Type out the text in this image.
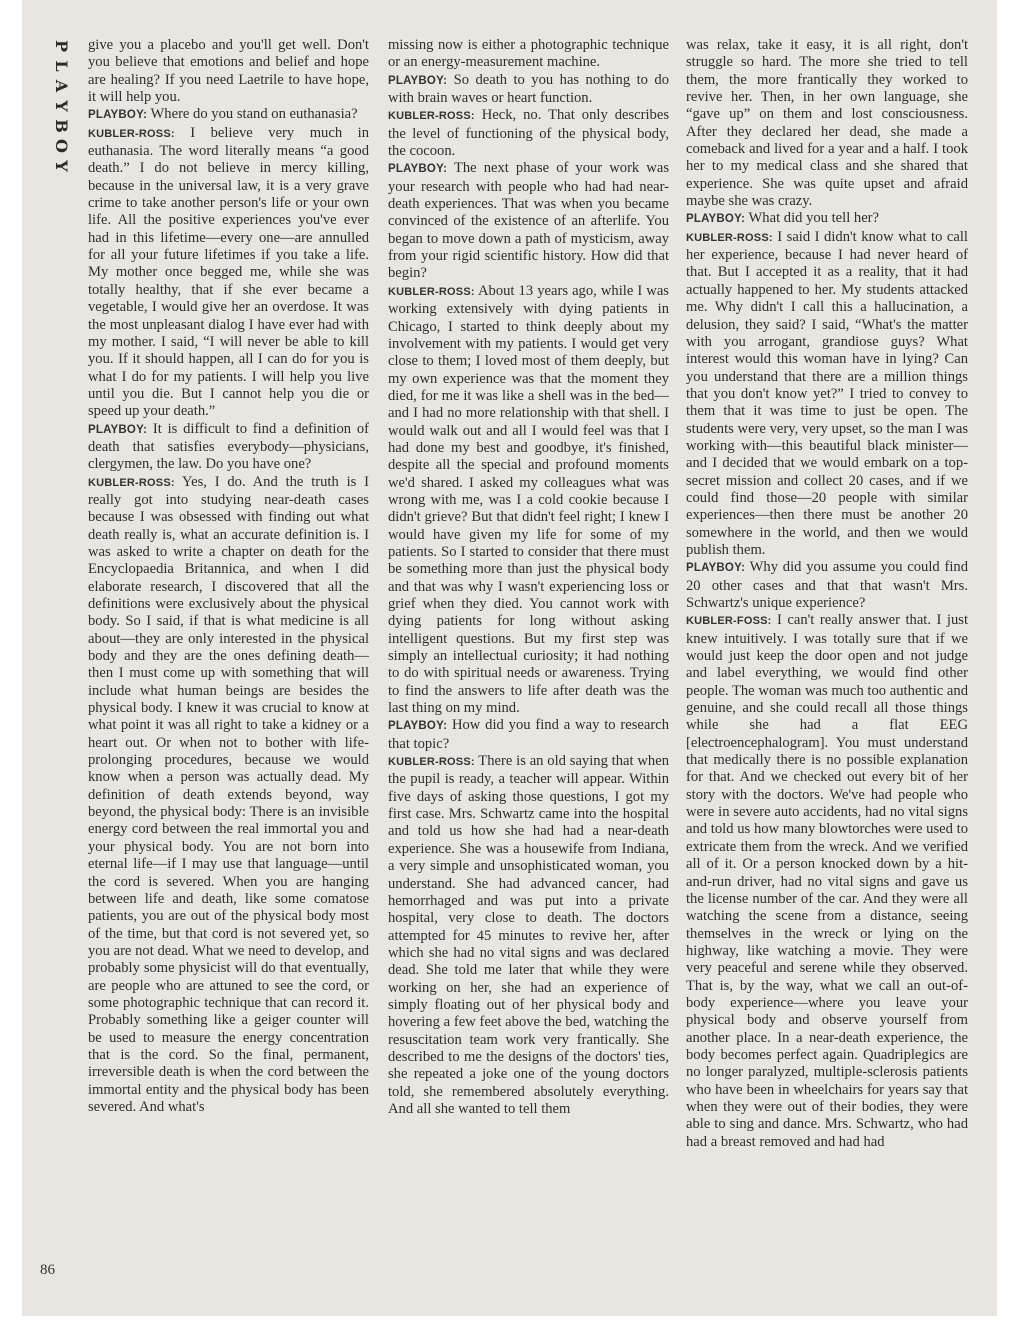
P
L
A
Y
B
O
Y
86

give you a placebo and you'll get well. Don't you believe that emotions and belief and hope are healing? If you need Laetrile to have hope, it will help you.

PLAYBOY: Where do you stand on euthanasia?

KUBLER-ROSS: I believe very much in euthanasia. The word literally means “a good death.” I do not believe in mercy killing, because in the universal law, it is a very grave crime to take another person's life or your own life. All the positive experiences you've ever had in this lifetime—every one—are annulled for all your future lifetimes if you take a life. My mother once begged me, while she was totally healthy, that if she ever became a vegetable, I would give her an overdose. It was the most unpleasant dialog I have ever had with my mother. I said, “I will never be able to kill you. If it should happen, all I can do for you is what I do for my patients. I will help you live until you die. But I cannot help you die or speed up your death.”

PLAYBOY: It is difficult to find a definition of death that satisfies everybody—physicians, clergymen, the law. Do you have one?

KUBLER-ROSS: Yes, I do. And the truth is I really got into studying near-death cases because I was obsessed with finding out what death really is, what an accurate definition is. I was asked to write a chapter on death for the Encyclopaedia Britannica, and when I did elaborate research, I discovered that all the definitions were exclusively about the physical body. So I said, if that is what medicine is all about—they are only interested in the physical body and they are the ones defining death—then I must come up with something that will include what human beings are besides the physical body. I knew it was crucial to know at what point it was all right to take a kidney or a heart out. Or when not to bother with life-prolonging procedures, because we would know when a person was actually dead. My definition of death extends beyond, way beyond, the physical body: There is an invisible energy cord between the real immortal you and your physical body. You are not born into eternal life—if I may use that language—until the cord is severed. When you are hanging between life and death, like some comatose patients, you are out of the physical body most of the time, but that cord is not severed yet, so you are not dead. What we need to develop, and probably some physicist will do that eventually, are people who are attuned to see the cord, or some photographic technique that can record it. Probably something like a geiger counter will be used to measure the energy concentration that is the cord. So the final, permanent, irreversible death is when the cord between the immortal entity and the physical body has been severed. And what's

missing now is either a photographic technique or an energy-measurement machine.

PLAYBOY: So death to you has nothing to do with brain waves or heart function.

KUBLER-ROSS: Heck, no. That only describes the level of functioning of the physical body, the cocoon.

PLAYBOY: The next phase of your work was your research with people who had had near-death experiences. That was when you became convinced of the existence of an afterlife. You began to move down a path of mysticism, away from your rigid scientific history. How did that begin?

KUBLER-ROSS: About 13 years ago, while I was working extensively with dying patients in Chicago, I started to think deeply about my involvement with my patients. I would get very close to them; I loved most of them deeply, but my own experience was that the moment they died, for me it was like a shell was in the bed—and I had no more relationship with that shell. I would walk out and all I would feel was that I had done my best and goodbye, it's finished, despite all the special and profound moments we'd shared. I asked my colleagues what was wrong with me, was I a cold cookie because I didn't grieve? But that didn't feel right; I knew I would have given my life for some of my patients. So I started to consider that there must be something more than just the physical body and that was why I wasn't experiencing loss or grief when they died. You cannot work with dying patients for long without asking intelligent questions. But my first step was simply an intellectual curiosity; it had nothing to do with spiritual needs or awareness. Trying to find the answers to life after death was the last thing on my mind.

PLAYBOY: How did you find a way to research that topic?

KUBLER-ROSS: There is an old saying that when the pupil is ready, a teacher will appear. Within five days of asking those questions, I got my first case. Mrs. Schwartz came into the hospital and told us how she had had a near-death experience. She was a housewife from Indiana, a very simple and unsophisticated woman, you understand. She had advanced cancer, had hemorrhaged and was put into a private hospital, very close to death. The doctors attempted for 45 minutes to revive her, after which she had no vital signs and was declared dead. She told me later that while they were working on her, she had an experience of simply floating out of her physical body and hovering a few feet above the bed, watching the resuscitation team work very frantically. She described to me the designs of the doctors' ties, she repeated a joke one of the young doctors told, she remembered absolutely everything. And all she wanted to tell them

was relax, take it easy, it is all right, don't struggle so hard. The more she tried to tell them, the more frantically they worked to revive her. Then, in her own language, she “gave up” on them and lost consciousness. After they declared her dead, she made a comeback and lived for a year and a half. I took her to my medical class and she shared that experience. She was quite upset and afraid maybe she was crazy.

PLAYBOY: What did you tell her?

KUBLER-ROSS: I said I didn't know what to call her experience, because I had never heard of that. But I accepted it as a reality, that it had actually happened to her. My students attacked me. Why didn't I call this a hallucination, a delusion, they said? I said, “What's the matter with you arrogant, grandiose guys? What interest would this woman have in lying? Can you understand that there are a million things that you don't know yet?” I tried to convey to them that it was time to just be open. The students were very, very upset, so the man I was working with—this beautiful black minister—and I decided that we would embark on a top-secret mission and collect 20 cases, and if we could find those—20 people with similar experiences—then there must be another 20 somewhere in the world, and then we would publish them.

PLAYBOY: Why did you assume you could find 20 other cases and that that wasn't Mrs. Schwartz's unique experience?

KUBLER-FOSS: I can't really answer that. I just knew intuitively. I was totally sure that if we would just keep the door open and not judge and label everything, we would find other people. The woman was much too authentic and genuine, and she could recall all those things while she had a flat EEG [electroencephalogram]. You must understand that medically there is no possible explanation for that. And we checked out every bit of her story with the doctors. We've had people who were in severe auto accidents, had no vital signs and told us how many blowtorches were used to extricate them from the wreck. And we verified all of it. Or a person knocked down by a hit-and-run driver, had no vital signs and gave us the license number of the car. And they were all watching the scene from a distance, seeing themselves in the wreck or lying on the highway, like watching a movie. They were very peaceful and serene while they observed. That is, by the way, what we call an out-of-body experience—where you leave your physical body and observe yourself from another place. In a near-death experience, the body becomes perfect again. Quadriplegics are no longer paralyzed, multiple-sclerosis patients who have been in wheelchairs for years say that when they were out of their bodies, they were able to sing and dance. Mrs. Schwartz, who had had a breast removed and had had
